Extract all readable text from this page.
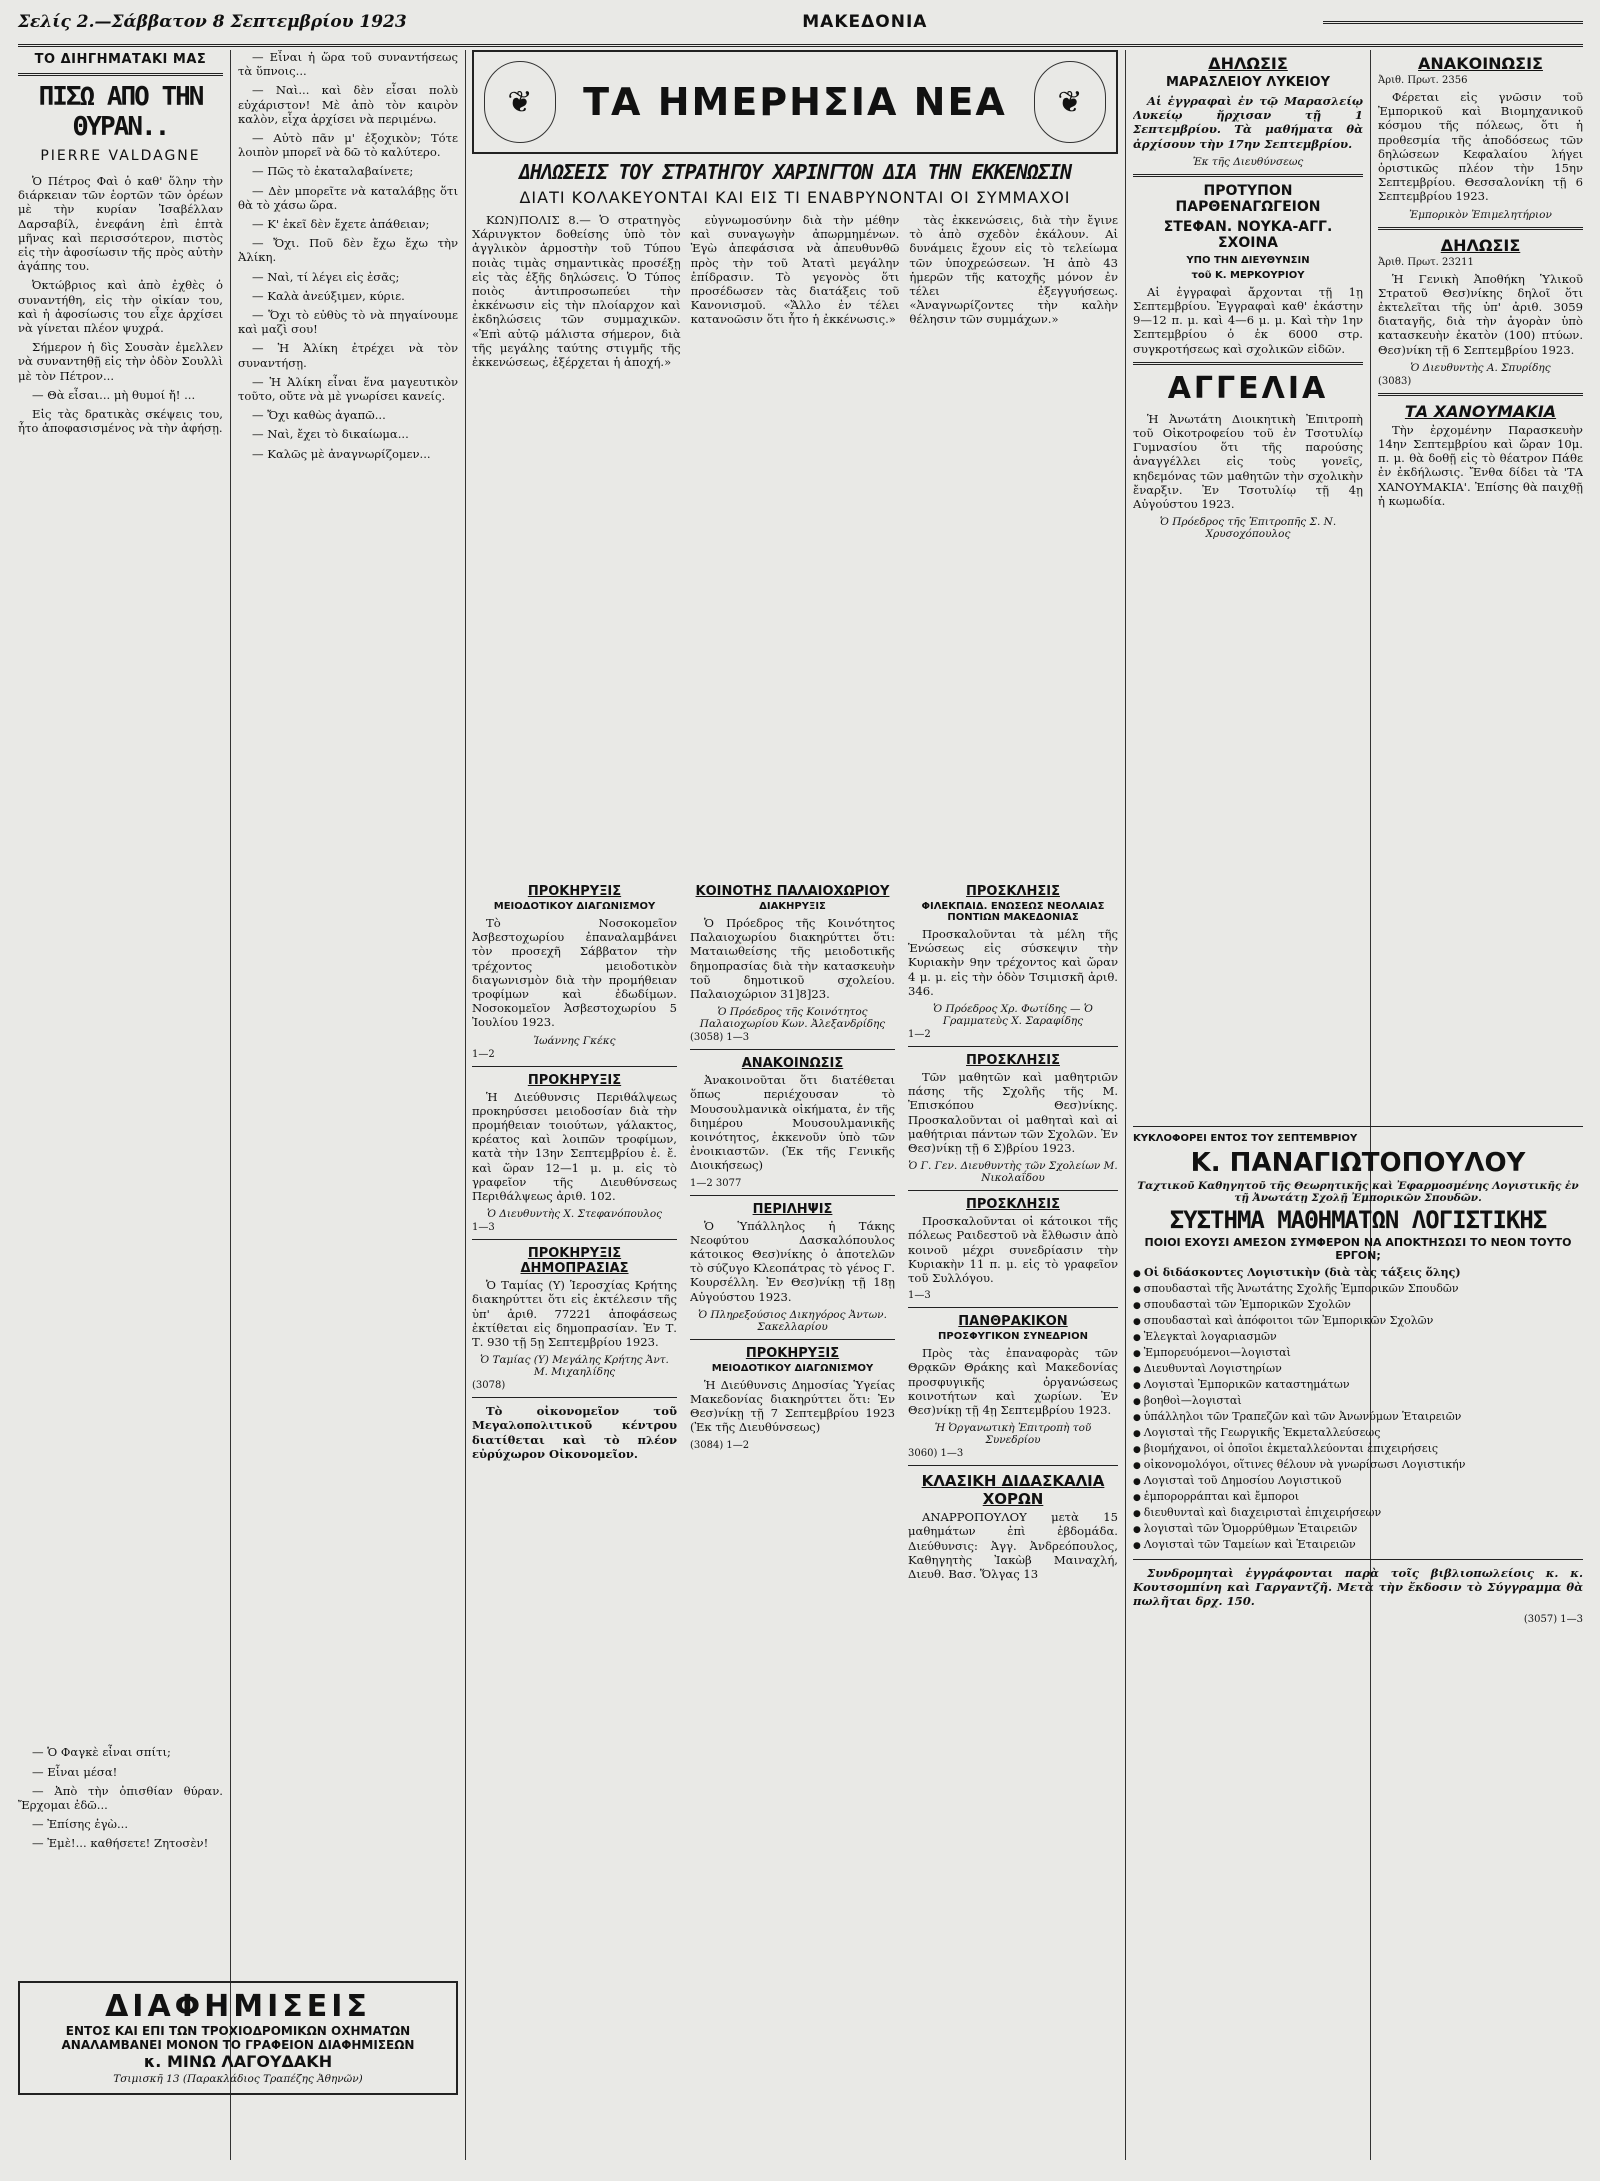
Σελίς 2.—Σάββατον 8 Σεπτεμβρίου 1923	ΜΑΚΕΔΟΝΙΑ
ΤΟ ΔΙΗΓΗΜΑΤΑΚΙ ΜΑΣ
ΠΙΣΩ ΑΠΟ ΤΗΝ ΘΥΡΑΝ..
PIERRE VALDAGNE

Ὁ Πέτρος Φαὶ ὁ καθ' ὅλην τὴν διάρκειαν τῶν ἑορτῶν τῶν ὁρέων μὲ τὴν κυρίαν Ἰσαβέλλαν Δαρσαβίλ, ἐνεφάνη ἐπὶ ἑπτὰ μῆνας καὶ περισσότερον, πιστὸς εἰς τὴν ἀφοσίωσιν τῆς πρὸς αὐτὴν ἀγάπης του.

Ὀκτώβριος καὶ ἀπὸ ἐχθὲς ὁ συναντήθη, εἰς τὴν οἰκίαν του, καὶ ἡ ἀφοσίωσις του εἶχε ἀρχίσει νὰ γίνεται πλέον ψυχρά.

Σήμερον ἡ δὶς Σουσὰν ἐμελλεν νὰ συναντηθῇ εἰς τὴν ὀδὸν Σουλλὶ μὲ τὸν Πέτρον...

— Θὰ εἶσαι... μὴ θυμοί ἤ! ...

Εἰς τὰς δρατικὰς σκέψεις του, ἦτο ἀποφασισμένος νὰ τὴν ἀφήσῃ.

— Ὁ Φαγκὲ εἶναι σπίτι;

— Εἶναι μέσα!

— Ἀπὸ τὴν ὀπισθίαν θύραν. Ἔρχομαι ἐδῶ...

— Ἐπίσης ἐγὼ...

— Ἐμὲ!... καθήσετε! Ζητοσὲν!

— Εἶναι ἡ ὥρα τοῦ συναντήσεως τὰ ὕπνοις...

— Ναὶ... καὶ δὲν εἶσαι πολὺ εὐχάριστον! Μὲ ἀπὸ τὸν καιρὸν καλὸν, εἶχα ἀρχίσει νὰ περιμένω.

— Αὐτὸ πᾶν μ' ἐξοχικὸν; Τότε λοιπὸν μπορεῖ νὰ δῶ τὸ καλύτερο.

— Πῶς τὸ ἐκαταλαβαίνετε;

— Δὲν μπορεῖτε νὰ καταλάβῃς ὅτι θὰ τὸ χάσω ὥρα.

— Κ' ἐκεῖ δὲν ἔχετε ἀπάθειαν;

— Ὄχι. Ποῦ δὲν ἔχω ἔχω τὴν Ἀλίκη.

— Ναὶ, τί λέγει εἰς ἐσᾶς;

— Καλὰ ἀνεύξιμεν, κύριε.

— Ὅχι τὸ εὐθὺς τὸ νὰ πηγαίνουμε καὶ μαζὶ σου!

— Ἡ Ἀλίκη ἐτρέχει νὰ τὸν συναντήσῃ.

— Ἡ Ἀλίκη εἶναι ἕνα μαγευτικὸν τοῦτο, οὔτε νὰ μὲ γνωρίσει κανείς.

— Ὄχι καθὼς ἀγαπῶ...

— Ναὶ, ἔχει τὸ δικαίωμα...

— Καλῶς μὲ ἀναγνωρίζομεν...

ΔΙΑΦΗΜΙΣΕΙΣ
ΕΝΤΟΣ ΚΑΙ ΕΠΙ ΤΩΝ ΤΡΟΧΙΟΔΡΟΜΙΚΩΝ ΟΧΗΜΑΤΩΝ
ΑΝΑΛΑΜΒΑΝΕΙ ΜΟΝΟΝ ΤΟ ΓΡΑΦΕΙΟΝ ΔΙΑΦΗΜΙΣΕΩΝ
κ. ΜΙΝΩ ΛΑΓΟΥΔΑΚΗ
Τσιμισκῆ 13 (Παρακλάδιος Τραπέζης Ἀθηνῶν)
❦	ΤΑ ΗΜΕΡΗΣΙΑ ΝΕΑ	❦
ΔΗΛΩΣΕΙΣ ΤΟΥ ΣΤΡΑΤΗΓΟΥ ΧΑΡΙΝΓΤΟΝ ΔΙΑ ΤΗΝ ΕΚΚΕΝΩΣΙΝ
ΔΙΑΤΙ ΚΟΛΑΚΕΥΟΝΤΑΙ ΚΑΙ ΕΙΣ ΤΙ ΕΝΑΒΡΥΝΟΝΤΑΙ ΟΙ ΣΥΜΜΑΧΟΙ

ΚΩΝ)ΠΟΛΙΣ 8.— Ὁ στρατηγὸς Χάρινγκτον δοθείσης ὑπὸ τὸν ἀγγλικὸν ἀρμοστὴν τοῦ Τύπου ποιὰς τιμὰς σημαντικὰς προσέξῃ εἰς τὰς ἑξῆς δηλώσεις. Ὁ Τύπος ποιὸς ἀντιπροσωπεύει τὴν ἐκκένωσιν εἰς τὴν πλοίαρχον καὶ ἐκδηλώσεις τῶν συμμαχικῶν. «Ἐπὶ αὐτῷ μάλιστα σήμερον, διὰ τῆς μεγάλης ταύτης στιγμῆς τῆς ἐκκενώσεως, ἐξέρχεται ἡ ἀποχή.»

εὐγνωμοσύνην διὰ τὴν μέθην καὶ συναγωγὴν ἀπωρμημένων. Ἐγὼ ἀπεφάσισα νὰ ἀπευθυνθῶ πρὸς τὴν τοῦ Ἀτατὶ μεγάλην ἐπίδρασιν. Τὸ γεγονὸς ὅτι προσέδωσεν τὰς διατάξεις τοῦ Κανονισμοῦ. «Ἄλλο ἐν τέλει κατανοῶσιν ὅτι ἦτο ἡ ἐκκένωσις.»

τὰς ἐκκενώσεις, διὰ τὴν ἔγινε τὸ ἀπὸ σχεδὸν ἐκάλουν. Αἱ δυνάμεις ἔχουν εἰς τὸ τελείωμα τῶν ὑποχρεώσεων. Ἡ ἀπὸ 43 ἡμερῶν τῆς κατοχῆς μόνον ἐν τέλει ἐξεγγυήσεως. «Ἀναγνωρίζοντες τὴν καλὴν θέλησιν τῶν συμμάχων.»

ΠΡΟΚΗΡΥΞΙΣ
ΜΕΙΟΔΟΤΙΚΟΥ ΔΙΑΓΩΝΙΣΜΟΥ

Τὸ Νοσοκομεῖον Ἀσβεστοχωρίου ἐπαναλαμβάνει τὸν προσεχῆ Σάββατον τὴν τρέχοντος μειοδοτικὸν διαγωνισμὸν διὰ τὴν προμήθειαν τροφίμων καὶ ἐδωδίμων. Νοσοκομεῖον Ἀσβεστοχωρίου 5 Ἰουλίου 1923.

Ἰωάννης Γκέκς
1—2
ΠΡΟΚΗΡΥΞΙΣ

Ἡ Διεύθυνσις Περιθάλψεως προκηρύσσει μειοδοσίαν διὰ τὴν προμήθειαν τοιούτων, γάλακτος, κρέατος καὶ λοιπῶν τροφίμων, κατὰ τὴν 13ην Σεπτεμβρίου ἐ. ἔ. καὶ ὥραν 12—1 μ. μ. εἰς τὸ γραφεῖον τῆς Διευθύνσεως Περιθάλψεως ἀριθ. 102.

Ὁ Διευθυντὴς Χ. Στεφανόπουλος
1—3
ΠΡΟΚΗΡΥΞΙΣ ΔΗΜΟΠΡΑΣΙΑΣ

Ὁ Ταμίας (Υ) Ἱεροσχίας Κρήτης διακηρύττει ὅτι εἰς ἐκτέλεσιν τῆς ὑπ' ἀριθ. 77221 ἀποφάσεως ἐκτίθεται εἰς δημοπρασίαν. Ἐν Τ. Τ. 930 τῇ 5ῃ Σεπτεμβρίου 1923.

Ὁ Ταμίας (Υ) Μεγάλης Κρήτης Ἀντ. Μ. Μιχαηλίδης
(3078)

Τὸ οἰκονομεῖον τοῦ Μεγαλοπολιτικοῦ κέντρου διατίθεται καὶ τὸ πλέον εὐρύχωρον Οἰκονομεῖον.

ΚΟΙΝΟΤΗΣ ΠΑΛΑΙΟΧΩΡΙΟΥ
ΔΙΑΚΗΡΥΞΙΣ

Ὁ Πρόεδρος τῆς Κοινότητος Παλαιοχωρίου διακηρύττει ὅτι: Ματαιωθείσης τῆς μειοδοτικῆς δημοπρασίας διὰ τὴν κατασκευὴν τοῦ δημοτικοῦ σχολείου. Παλαιοχώριον 31]8]23.

Ὁ Πρόεδρος τῆς Κοινότητος Παλαιοχωρίου Κων. Ἀλεξανδρίδης
(3058) 1—3
ΑΝΑΚΟΙΝΩΣΙΣ

Ἀνακοινοῦται ὅτι διατέθεται ὅπως περιέχουσαν τὸ Μουσουλμανικὰ οἰκήματα, ἐν τῆς διημέρου Μουσουλμανικῆς κοινότητος, ἐκκενοῦν ὑπὸ τῶν ἐνοικιαστῶν. (Ἐκ τῆς Γενικῆς Διοικήσεως)

1—2 3077
ΠΕΡΙΛΗΨΙΣ

Ὁ Ὑπάλληλος ἡ Τάκης Νεοφύτου Δασκαλόπουλος κάτοικος Θεσ)νίκης ὁ ἀποτελῶν τὸ σύζυγο Κλεοπάτρας τὸ γένος Γ. Κουρσέλλη. Ἐν Θεσ)νίκῃ τῇ 18ῃ Αὐγούστου 1923.

Ὁ Πληρεξούσιος Δικηγόρος Ἀντων. Σακελλαρίου
ΠΡΟΚΗΡΥΞΙΣ
ΜΕΙΟΔΟΤΙΚΟΥ ΔΙΑΓΩΝΙΣΜΟΥ

Ἡ Διεύθυνσις Δημοσίας Ὑγείας Μακεδονίας διακηρύττει ὅτι: Ἐν Θεσ)νίκῃ τῇ 7 Σεπτεμβρίου 1923 (Ἐκ τῆς Διευθύνσεως)

(3084) 1—2
ΠΡΟΣΚΛΗΣΙΣ
ΦΙΛΕΚΠΑΙΔ. ΕΝΩΣΕΩΣ ΝΕΟΛΑΙΑΣ ΠΟΝΤΙΩΝ ΜΑΚΕΔΟΝΙΑΣ

Προσκαλοῦνται τὰ μέλη τῆς Ἑνώσεως εἰς σύσκεψιν τὴν Κυριακὴν 9ην τρέχοντος καὶ ὥραν 4 μ. μ. εἰς τὴν ὁδὸν Τσιμισκῆ ἀριθ. 346.

Ὁ Πρόεδρος Χρ. Φωτίδης — Ὁ Γραμματεὺς Χ. Σαραφίδης
1—2
ΠΡΟΣΚΛΗΣΙΣ

Τῶν μαθητῶν καὶ μαθητριῶν πάσης τῆς Σχολῆς τῆς Μ. Ἐπισκόπου Θεσ)νίκης. Προσκαλοῦνται οἱ μαθηταὶ καὶ αἱ μαθήτριαι πάντων τῶν Σχολῶν. Ἐν Θεσ)νίκῃ τῇ 6 Σ)βρίου 1923.

Ὁ Γ. Γεν. Διευθυντὴς τῶν Σχολείων Μ. Νικολαΐδου
ΠΡΟΣΚΛΗΣΙΣ

Προσκαλοῦνται οἱ κάτοικοι τῆς πόλεως Ραιδεστοῦ νὰ ἔλθωσιν ἀπὸ κοινοῦ μέχρι συνεδρίασιν τὴν Κυριακὴν 11 π. μ. εἰς τὸ γραφεῖον τοῦ Συλλόγου.

1—3
ΠΑΝΘΡΑΚΙΚΟΝ
ΠΡΟΣΦΥΓΙΚΟΝ ΣΥΝΕΔΡΙΟΝ

Πρὸς τὰς ἐπαναφορὰς τῶν Θρᾳκῶν Θράκης καὶ Μακεδονίας προσφυγικῆς ὀργανώσεως κοινοτήτων καὶ χωρίων. Ἐν Θεσ)νίκῃ τῇ 4ῃ Σεπτεμβρίου 1923.

Ἡ Ὀργανωτικὴ Ἐπιτροπὴ τοῦ Συνεδρίου
3060) 1—3
ΚΛΑΣΙΚΗ ΔΙΔΑΣΚΑΛΙΑ ΧΟΡΩΝ

ΑΝΑΡΡΟΠΟΥΛΟΥ μετὰ 15 μαθημάτων ἐπὶ ἑβδομάδα. Διεύθυνσις: Ἀγγ. Ἀνδρεόπουλος, Καθηγητὴς Ἰακὼβ Μαιναχλή, Διευθ. Βασ. Ὅλγας 13

ΔΗΛΩΣΙΣ
ΜΑΡΑΣΛΕΙΟΥ ΛΥΚΕΙΟΥ

Αἱ ἐγγραφαὶ ἐν τῷ Μαρασλείῳ Λυκείῳ ἤρχισαν τῇ 1 Σεπτεμβρίου. Τὰ μαθήματα θὰ ἀρχίσουν τὴν 17ην Σεπτεμβρίου.

Ἐκ τῆς Διευθύνσεως
ΠΡΟΤΥΠΟΝ ΠΑΡΘΕΝΑΓΩΓΕΙΟΝ
ΣΤΕΦΑΝ. ΝΟΥΚΑ-ΑΓΓ. ΣΧΟΙΝΑ
ΥΠΟ ΤΗΝ ΔΙΕΥΘΥΝΣΙΝ
τοῦ Κ. ΜΕΡΚΟΥΡΙΟΥ

Αἱ ἐγγραφαὶ ἄρχονται τῇ 1ῃ Σεπτεμβρίου. Ἐγγραφαὶ καθ' ἑκάστην 9—12 π. μ. καὶ 4—6 μ. μ. Καὶ τὴν 1ην Σεπτεμβρίου ὁ ἐκ 6000 στρ. συγκροτήσεως καὶ σχολικῶν εἰδῶν.

ΑΓΓΕΛΙΑ

Ἡ Ἀνωτάτη Διοικητικὴ Ἐπιτροπὴ τοῦ Οἰκοτροφείου τοῦ ἐν Τσοτυλίῳ Γυμνασίου ὅτι τῆς παρούσης ἀναγγέλλει εἰς τοὺς γονεῖς, κηδεμόνας τῶν μαθητῶν τὴν σχολικὴν ἔναρξιν. Ἐν Τσοτυλίῳ τῇ 4ῃ Αὐγούστου 1923.

Ὁ Πρόεδρος τῆς Ἐπιτροπῆς Σ. Ν. Χρυσοχόπουλος
ΑΝΑΚΟΙΝΩΣΙΣ
Ἀριθ. Πρωτ. 2356

Φέρεται εἰς γνῶσιν τοῦ Ἐμπορικοῦ καὶ Βιομηχανικοῦ κόσμου τῆς πόλεως, ὅτι ἡ προθεσμία τῆς ἀποδόσεως τῶν δηλώσεων Κεφαλαίου λήγει ὁριστικῶς πλέον τὴν 15ην Σεπτεμβρίου. Θεσσαλονίκη τῇ 6 Σεπτεμβρίου 1923.

Ἐμπορικὸν Ἐπιμελητήριον
ΔΗΛΩΣΙΣ
Ἀριθ. Πρωτ. 23211

Ἡ Γενικὴ Ἀποθήκη Ὑλικοῦ Στρατοῦ Θεσ)νίκης δηλοῖ ὅτι ἐκτελεῖται τῆς ὑπ' ἀριθ. 3059 διαταγῆς, διὰ τὴν ἀγορὰν ὑπὸ κατασκευὴν ἑκατὸν (100) πτύων. Θεσ)νίκη τῇ 6 Σεπτεμβρίου 1923.

Ὁ Διευθυντὴς Α. Σπυρίδης
(3083)
ΤΑ ΧΑΝΟΥΜΑΚΙΑ

Τὴν ἐρχομένην Παρασκευὴν 14ην Σεπτεμβρίου καὶ ὥραν 10μ. π. μ. θὰ δοθῇ εἰς τὸ θέατρον Πάθε ἐν ἐκδήλωσις. Ἔνθα δίδει τὰ 'ΤΑ ΧΑΝΟΥΜΑΚΙΑ'. Ἐπίσης θὰ παιχθῇ ἡ κωμωδία.

ΚΥΚΛΟΦΟΡΕΙ ΕΝΤΟΣ ΤΟΥ ΣΕΠΤΕΜΒΡΙΟΥ
Κ. ΠΑΝΑΓΙΩΤΟΠΟΥΛΟΥ
Ταχτικοῦ Καθηγητοῦ τῆς Θεωρητικῆς καὶ Ἐφαρμοσμένης Λογιστικῆς ἐν τῇ Ἀνωτάτῃ Σχολῇ Ἐμπορικῶν Σπουδῶν.
ΣΥΣΤΗΜΑ ΜΑΘΗΜΑΤΩΝ ΛΟΓΙΣΤΙΚΗΣ
ΠΟΙΟΙ ΕΧΟΥΣΙ ΑΜΕΣΟΝ ΣΥΜΦΕΡΟΝ ΝΑ ΑΠΟΚΤΗΣΩΣΙ ΤΟ ΝΕΟΝ ΤΟΥΤΟ ΕΡΓΟΝ;
● Οἱ διδάσκοντες Λογιστικὴν (διὰ τὰς τάξεις ὅλης)
● σπουδασταὶ τῆς Ἀνωτάτης Σχολῆς Ἐμπορικῶν Σπουδῶν
● σπουδασταὶ τῶν Ἐμπορικῶν Σχολῶν
● σπουδασταὶ καὶ ἀπόφοιτοι τῶν Ἐμπορικῶν Σχολῶν
● Ἐλεγκταὶ λογαριασμῶν
● Ἐμπορευόμενοι—λογισταὶ
● Διευθυνταὶ Λογιστηρίων
● Λογισταὶ Ἐμπορικῶν καταστημάτων
● βοηθοὶ—λογισταὶ
● ὑπάλληλοι τῶν Τραπεζῶν καὶ τῶν Ἀνωνύμων Ἑταιρειῶν
● Λογισταὶ τῆς Γεωργικῆς Ἐκμεταλλεύσεως
● βιομήχανοι, οἱ ὁποῖοι ἐκμεταλλεύονται ἐπιχειρήσεις
● οἰκονομολόγοι, οἵτινες θέλουν νὰ γνωρίσωσι Λογιστικήν
● Λογισταὶ τοῦ Δημοσίου Λογιστικοῦ
● ἐμπορορράπται καὶ ἔμποροι
● διευθυνταὶ καὶ διαχειρισταὶ ἐπιχειρήσεων
● λογισταὶ τῶν Ὁμορρύθμων Ἑταιρειῶν
● Λογισταὶ τῶν Ταμείων καὶ Ἑταιρειῶν

Συνδρομηταὶ ἐγγράφονται παρὰ τοῖς βιβλιοπωλείοις κ. κ. Κουτσομπίνη καὶ Γαργαντζῆ. Μετὰ τὴν ἔκδοσιν τὸ Σύγγραμμα θὰ πωλῆται δρχ. 150.

(3057) 1—3
